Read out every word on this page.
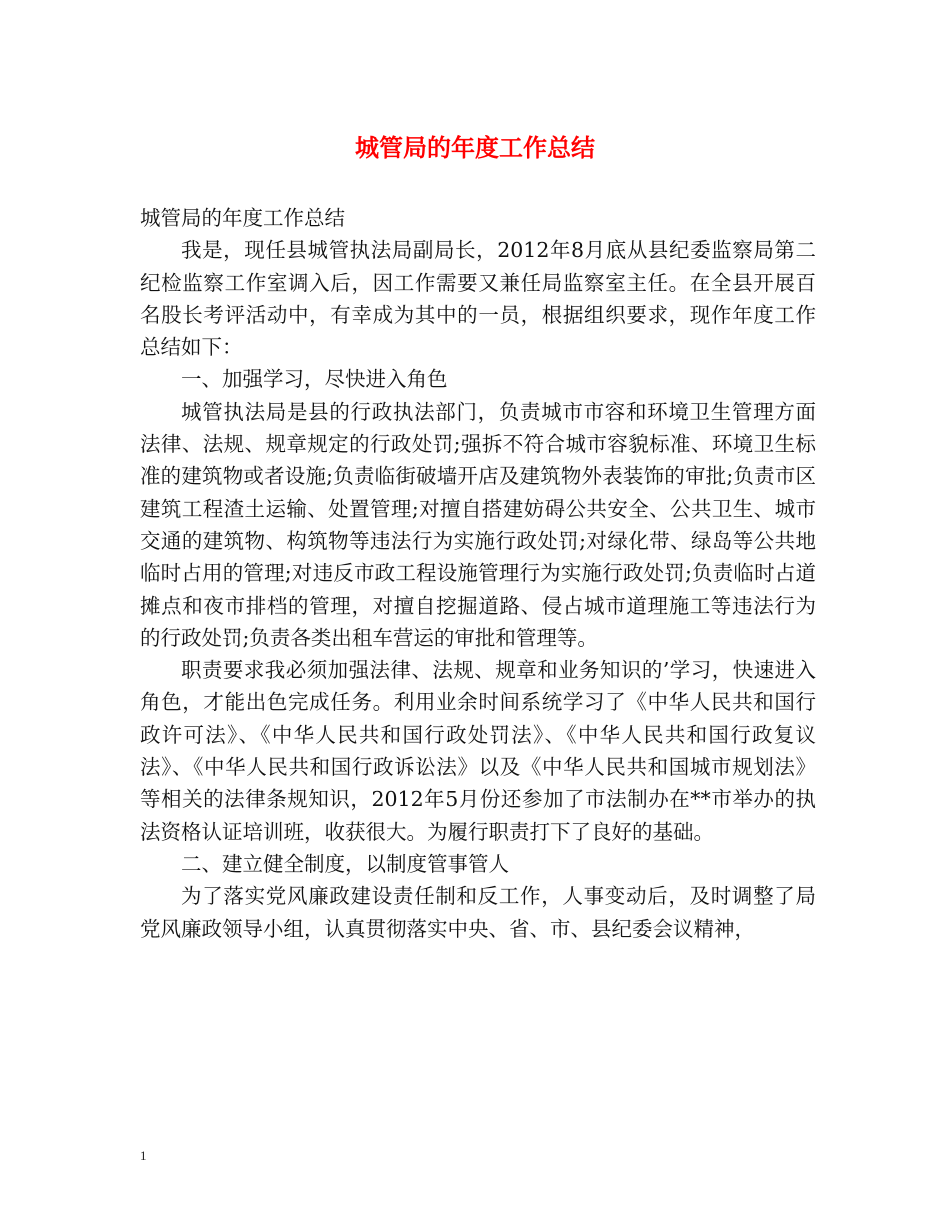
城管局的年度工作总结

城管局的年度工作总结

我是，现任县城管执法局副局长，2012年8月底从县纪委监察局第二纪检监察工作室调入后，因工作需要又兼任局监察室主任。在全县开展百名股长考评活动中，有幸成为其中的一员，根据组织要求，现作年度工作总结如下：

一、加强学习，尽快进入角色

城管执法局是县的行政执法部门，负责城市市容和环境卫生管理方面法律、法规、规章规定的行政处罚;强拆不符合城市容貌标准、环境卫生标准的建筑物或者设施;负责临街破墙开店及建筑物外表装饰的审批;负责市区建筑工程渣土运输、处置管理;对擅自搭建妨碍公共安全、公共卫生、城市交通的建筑物、构筑物等违法行为实施行政处罚;对绿化带、绿岛等公共地临时占用的管理;对违反市政工程设施管理行为实施行政处罚;负责临时占道摊点和夜市排档的管理，对擅自挖掘道路、侵占城市道理施工等违法行为的行政处罚;负责各类出租车营运的审批和管理等。

职责要求我必须加强法律、法规、规章和业务知识的’学习，快速进入角色，才能出色完成任务。利用业余时间系统学习了《中华人民共和国行政许可法》、《中华人民共和国行政处罚法》、《中华人民共和国行政复议法》、《中华人民共和国行政诉讼法》以及《中华人民共和国城市规划法》等相关的法律条规知识，2012年5月份还参加了市法制办在**市举办的执法资格认证培训班，收获很大。为履行职责打下了良好的基础。

二、建立健全制度，以制度管事管人

为了落实党风廉政建设责任制和反工作，人事变动后，及时调整了局党风廉政领导小组，认真贯彻落实中央、省、市、县纪委会议精神，

1
